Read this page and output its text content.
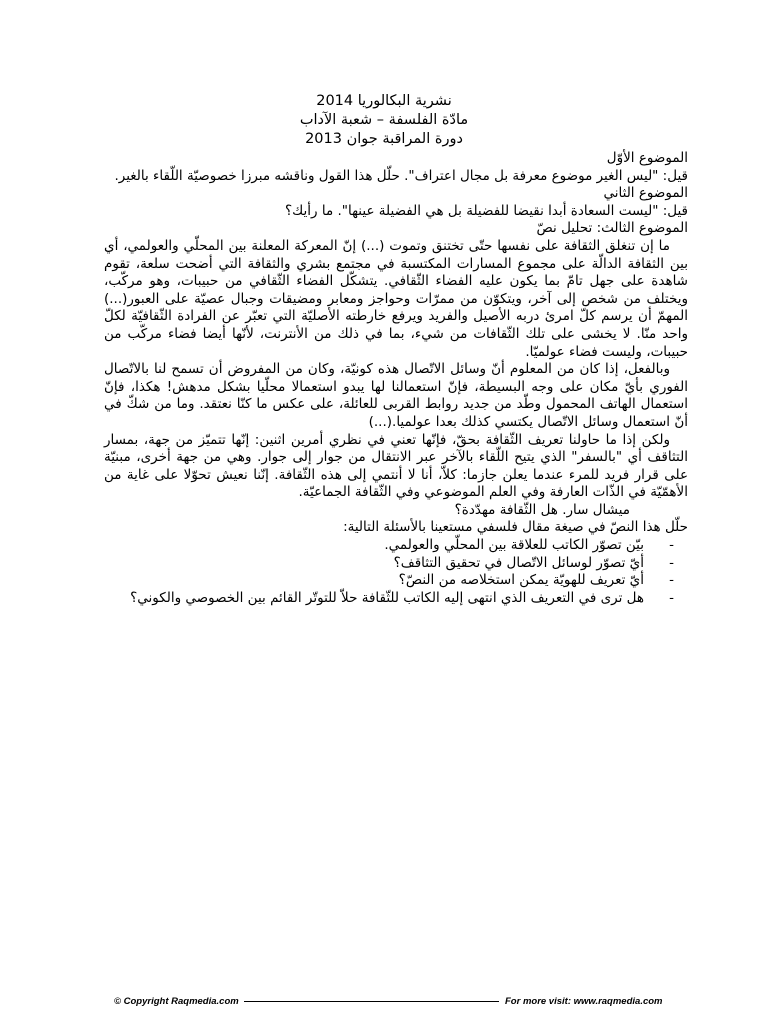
نشرية البكالوريا 2014
مادّة الفلسفة – شعبة الآداب
دورة المراقبة جوان 2013

الموضوع الأوّل

قيل: "ليس الغير موضوع معرفة بل مجال اعتراف". حلّل هذا القول وناقشه مبرزا خصوصيّة اللّقاء بالغير.

الموضوع الثاني

قيل: "ليست السعادة أبدا نقيضا للفضيلة بل هي الفضيلة عينها". ما رأيك؟

الموضوع الثالث: تحليل نصّ

ما إن تنغلق الثقافة على نفسها حتّى تختنق وتموت (...) إنّ المعركة المعلنة بين المحلّي والعولمي، أي بين الثقافة الدالّة على مجموع المسارات المكتسبة في مجتمع بشري والثقافة التي أضحت سلعة، تقوم شاهدة على جهل تامّ بما يكون عليه الفضاء الثّقافي. يتشكّل الفضاء الثّقافي من حبيبات، وهو مركّب، ويختلف من شخص إلى آخر، ويتكوّن من ممرّات وحواجز ومعابر ومضيقات وجبال عصيّة على العبور(...) المهمّ أن يرسم كلّ امرئ دربه الأصيل والفريد ويرفع خارطته الأصليّة التي تعبّر عن الفرادة الثّقافيّة لكلّ واحد منّا. لا يخشى على تلك الثّقافات من شيء، بما في ذلك من الأنترنت، لأنّها أيضا فضاء مركّب من حبيبات، وليست فضاء عولميّا.

وبالفعل، إذا كان من المعلوم أنّ وسائل الاتّصال هذه كونيّة، وكان من المفروض أن تسمح لنا بالاتّصال الفوري بأيّ مكان على وجه البسيطة، فإنّ استعمالنا لها يبدو استعمالا محلّيا بشكل مدهش! هكذا، فإنّ استعمال الهاتف المحمول وطّد من جديد روابط القربى للعائلة، على عكس ما كنّا نعتقد. وما من شكّ في أنّ استعمال وسائل الاتّصال يكتسي كذلك بعدا عولميا.(...)

ولكن إذا ما حاولنا تعريف الثّقافة بحقّ، فإنّها تعني في نظري أمرين اثنين: إنّها تتميّز من جهة، بمسار التثاقف أي "بالسفر" الذي يتيح اللّقاء بالآخر عبر الانتقال من جوار إلى جوار. وهي من جهة أخرى، مبنيّة على قرار فريد للمرء عندما يعلن جازما: كلاّ، أنا لا أنتمي إلى هذه الثّقافة. إنّنا نعيش تحوّلا على غاية من الأهمّيّة في الذّات العارفة وفي العلم الموضوعي وفي الثّقافة الجماعيّة.

ميشال سار. هل الثّقافة مهدّدة؟

حلّل هذا النصّ في صيغة مقال فلسفي مستعينا بالأسئلة التالية:

-
بيّن تصوّر الكاتب للعلاقة بين المحلّي والعولمي.
-
أيّ تصوّر لوسائل الاتّصال في تحقيق التثاقف؟
-
أيّ تعريف للهويّة يمكن استخلاصه من النصّ؟
-
هل ترى في التعريف الذي انتهى إليه الكاتب للثّقافة حلاّ للتوتّر القائم بين الخصوصي والكوني؟
© Copyright Raqmedia.com	For more visit: www.raqmedia.com
